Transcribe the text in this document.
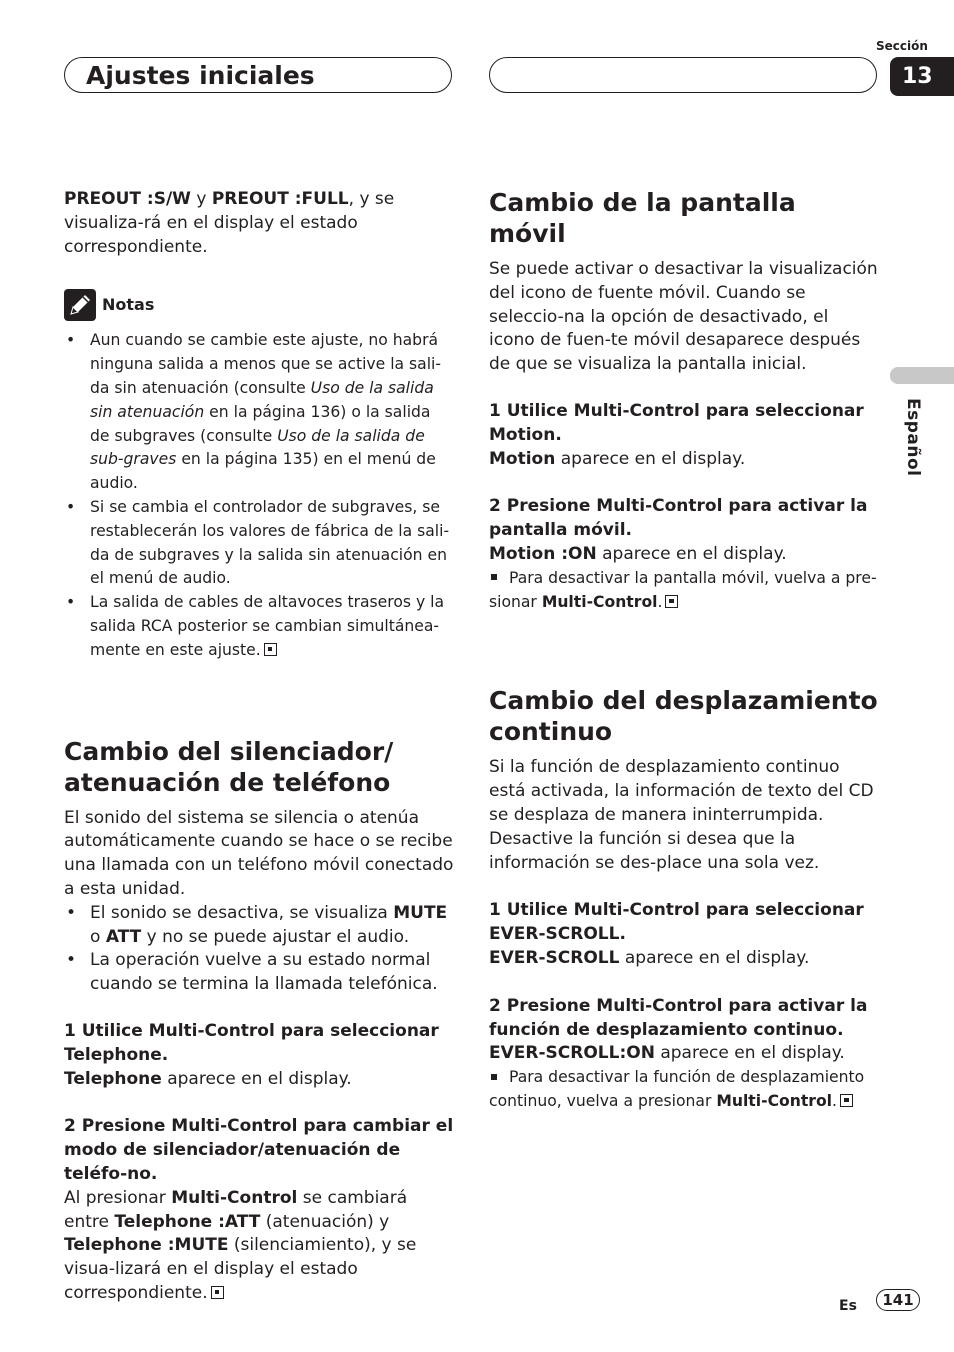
Ajustes iniciales
Sección
13
Español

PREOUT :S/W y PREOUT :FULL, y se visualiza-rá en el display el estado correspondiente.

Notas
• Aun cuando se cambie este ajuste, no habrá ninguna salida a menos que se active la sali-da sin atenuación (consulte Uso de la salida sin atenuación en la página 136) o la salida de subgraves (consulte Uso de la salida de sub-graves en la página 135) en el menú de audio.
• Si se cambia el controlador de subgraves, se restablecerán los valores de fábrica de la sali-da de subgraves y la salida sin atenuación en el menú de audio.
• La salida de cables de altavoces traseros y la salida RCA posterior se cambian simultánea-mente en este ajuste.
Cambio del silenciador/ atenuación de teléfono

El sonido del sistema se silencia o atenúa automáticamente cuando se hace o se recibe una llamada con un teléfono móvil conectado a esta unidad.

• El sonido se desactiva, se visualiza MUTE o ATT y no se puede ajustar el audio.
• La operación vuelve a su estado normal cuando se termina la llamada telefónica.

1 Utilice Multi-Control para seleccionar Telephone.

Telephone aparece en el display.

2 Presione Multi-Control para cambiar el modo de silenciador/atenuación de teléfo-no.

Al presionar Multi-Control se cambiará entre Telephone :ATT (atenuación) y Telephone :MUTE (silenciamiento), y se visua-lizará en el display el estado correspondiente.

Cambio de la pantalla móvil

Se puede activar o desactivar la visualización del icono de fuente móvil. Cuando se seleccio-na la opción de desactivado, el icono de fuen-te móvil desaparece después de que se visualiza la pantalla inicial.

1 Utilice Multi-Control para seleccionar Motion.

Motion aparece en el display.

2 Presione Multi-Control para activar la pantalla móvil.

Motion :ON aparece en el display.

Para desactivar la pantalla móvil, vuelva a pre-sionar Multi-Control.

Cambio del desplazamiento continuo

Si la función de desplazamiento continuo está activada, la información de texto del CD se desplaza de manera ininterrumpida. Desactive la función si desea que la información se des-place una sola vez.

1 Utilice Multi-Control para seleccionar EVER-SCROLL.

EVER-SCROLL aparece en el display.

2 Presione Multi-Control para activar la función de desplazamiento continuo.

EVER-SCROLL:ON aparece en el display.

Para desactivar la función de desplazamiento continuo, vuelva a presionar Multi-Control.

Es	141
